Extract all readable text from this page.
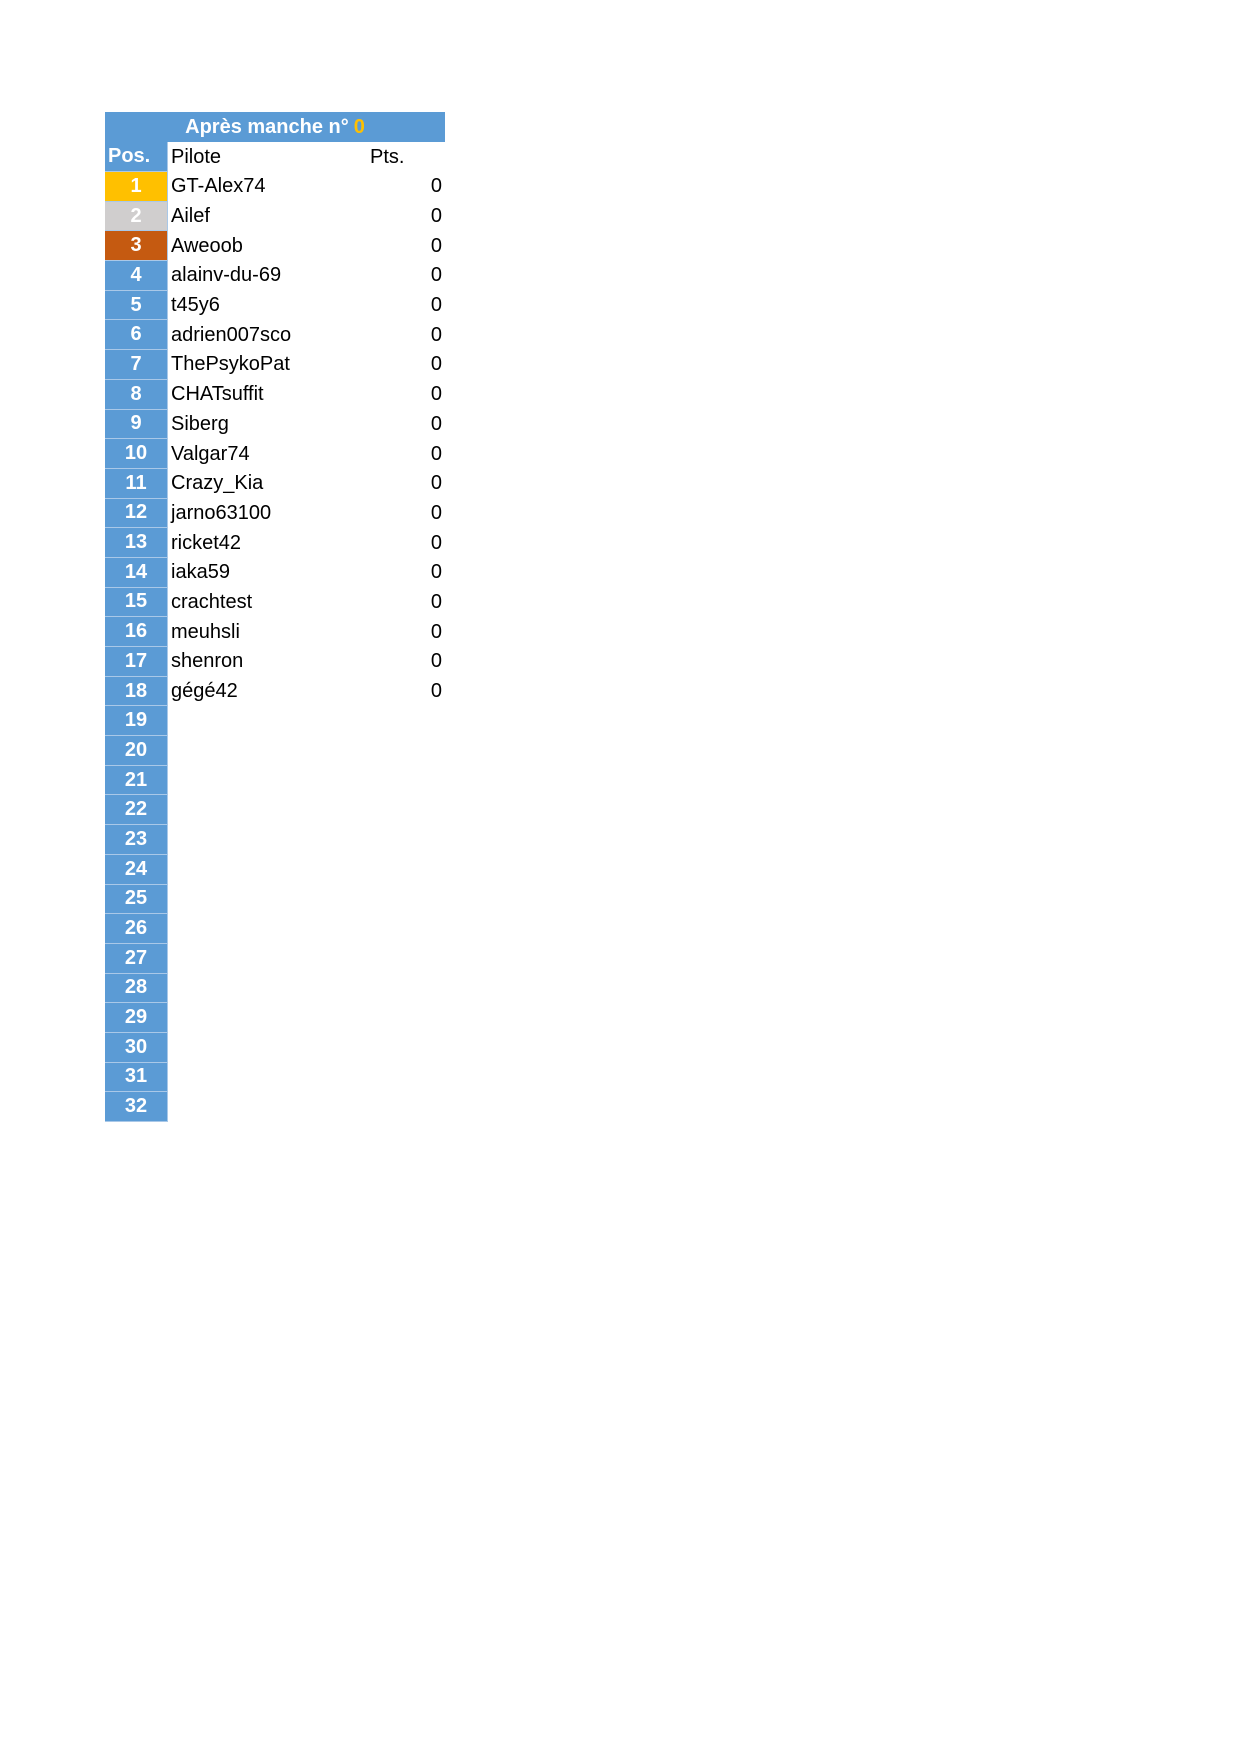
Après manche n° 0
Pos.	Pilote	Pts.
1	GT-Alex74	0
2	Ailef	0
3	Aweoob	0
4	alainv-du-69	0
5	t45y6	0
6	adrien007sco	0
7	ThePsykoPat	0
8	CHATsuffit	0
9	Siberg	0
10	Valgar74	0
11	Crazy_Kia	0
12	jarno63100	0
13	ricket42	0
14	iaka59	0
15	crachtest	0
16	meuhsli	0
17	shenron	0
18	gégé42	0
19
20
21
22
23
24
25
26
27
28
29
30
31
32
